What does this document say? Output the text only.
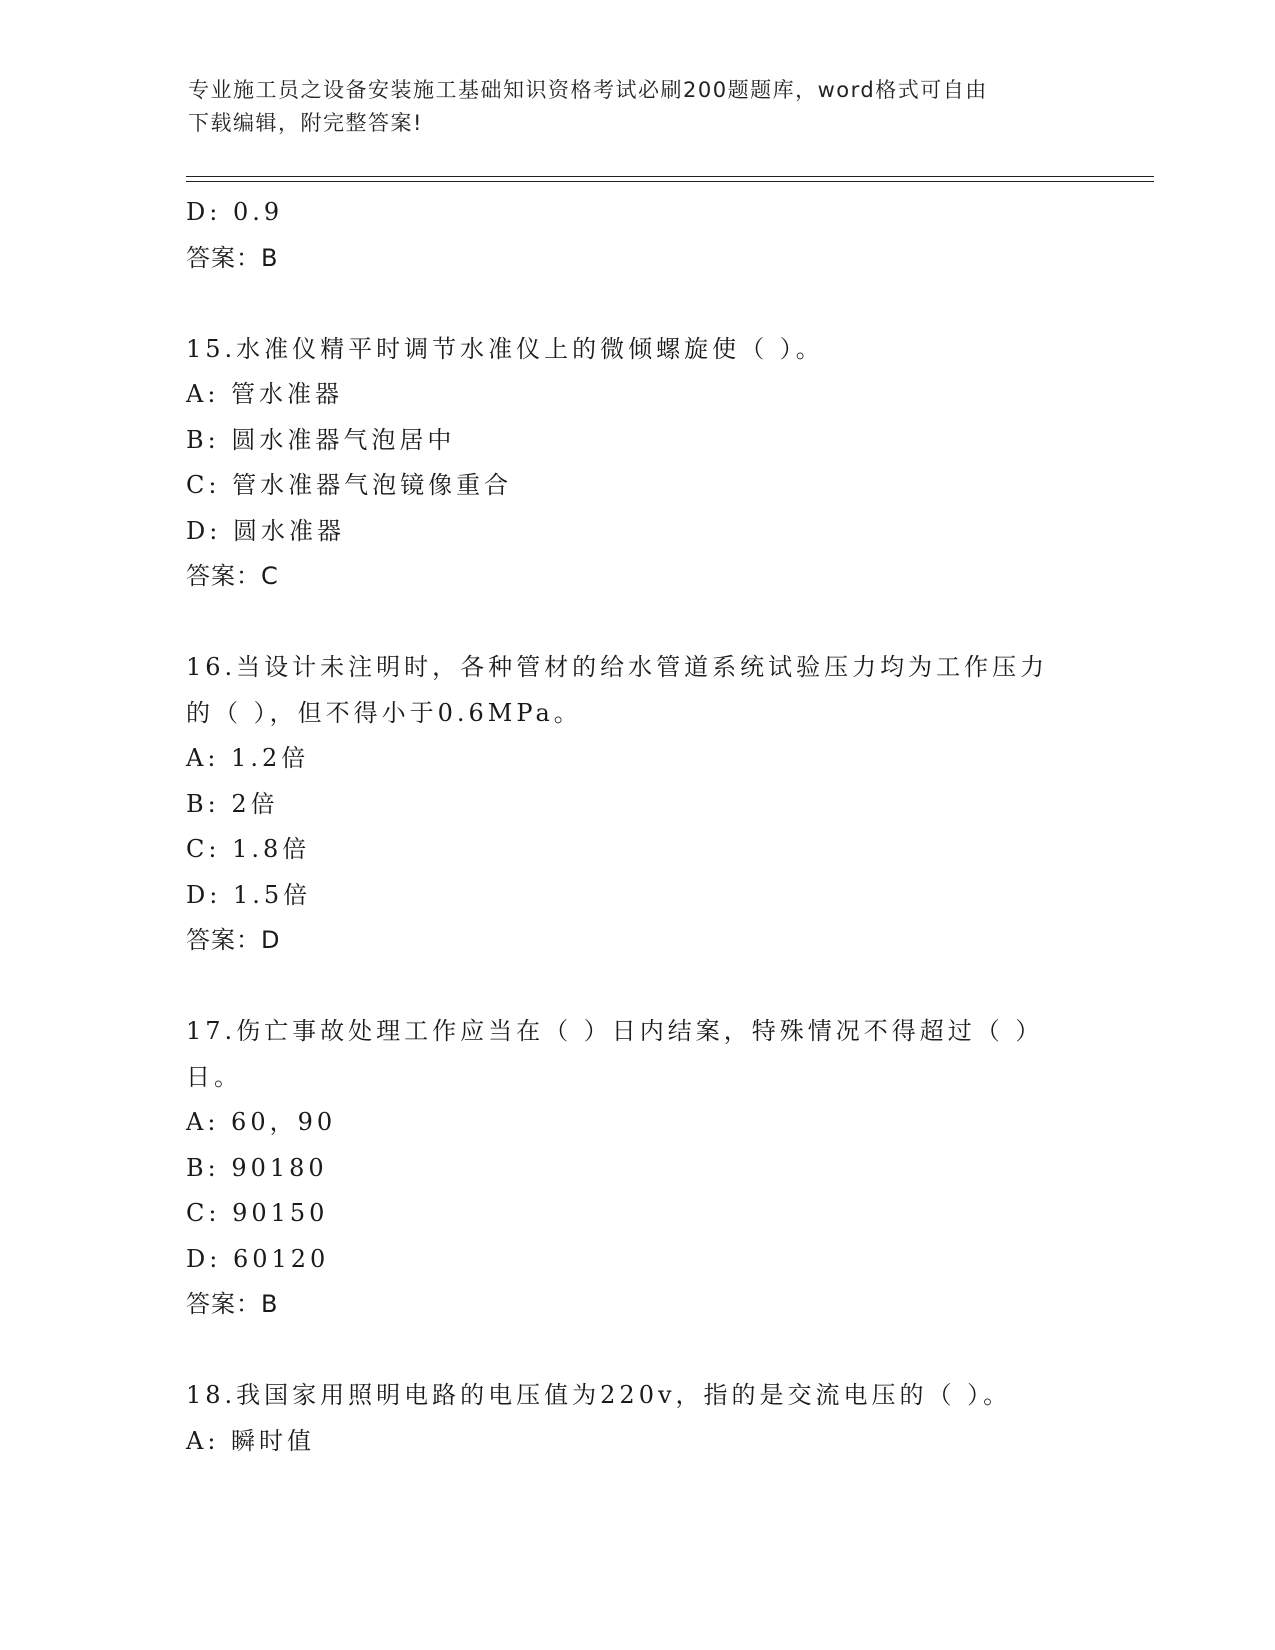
专业施工员之设备安装施工基础知识资格考试必刷200题题库，word格式可自由
下载编辑，附完整答案!
D: 0.9
答案：B
15.水准仪精平时调节水准仪上的微倾螺旋使（ ）。
A: 管水准器
B: 圆水准器气泡居中
C: 管水准器气泡镜像重合
D: 圆水准器
答案：C
16.当设计未注明时，各种管材的给水管道系统试验压力均为工作压力
的（ ），但不得小于0.6MPa。
A: 1.2倍
B: 2倍
C: 1.8倍
D: 1.5倍
答案：D
17.伤亡事故处理工作应当在（ ）日内结案，特殊情况不得超过（ ）
日。
A: 60，90
B: 90180
C: 90150
D: 60120
答案：B
18.我国家用照明电路的电压值为220v，指的是交流电压的（ ）。
A: 瞬时值
